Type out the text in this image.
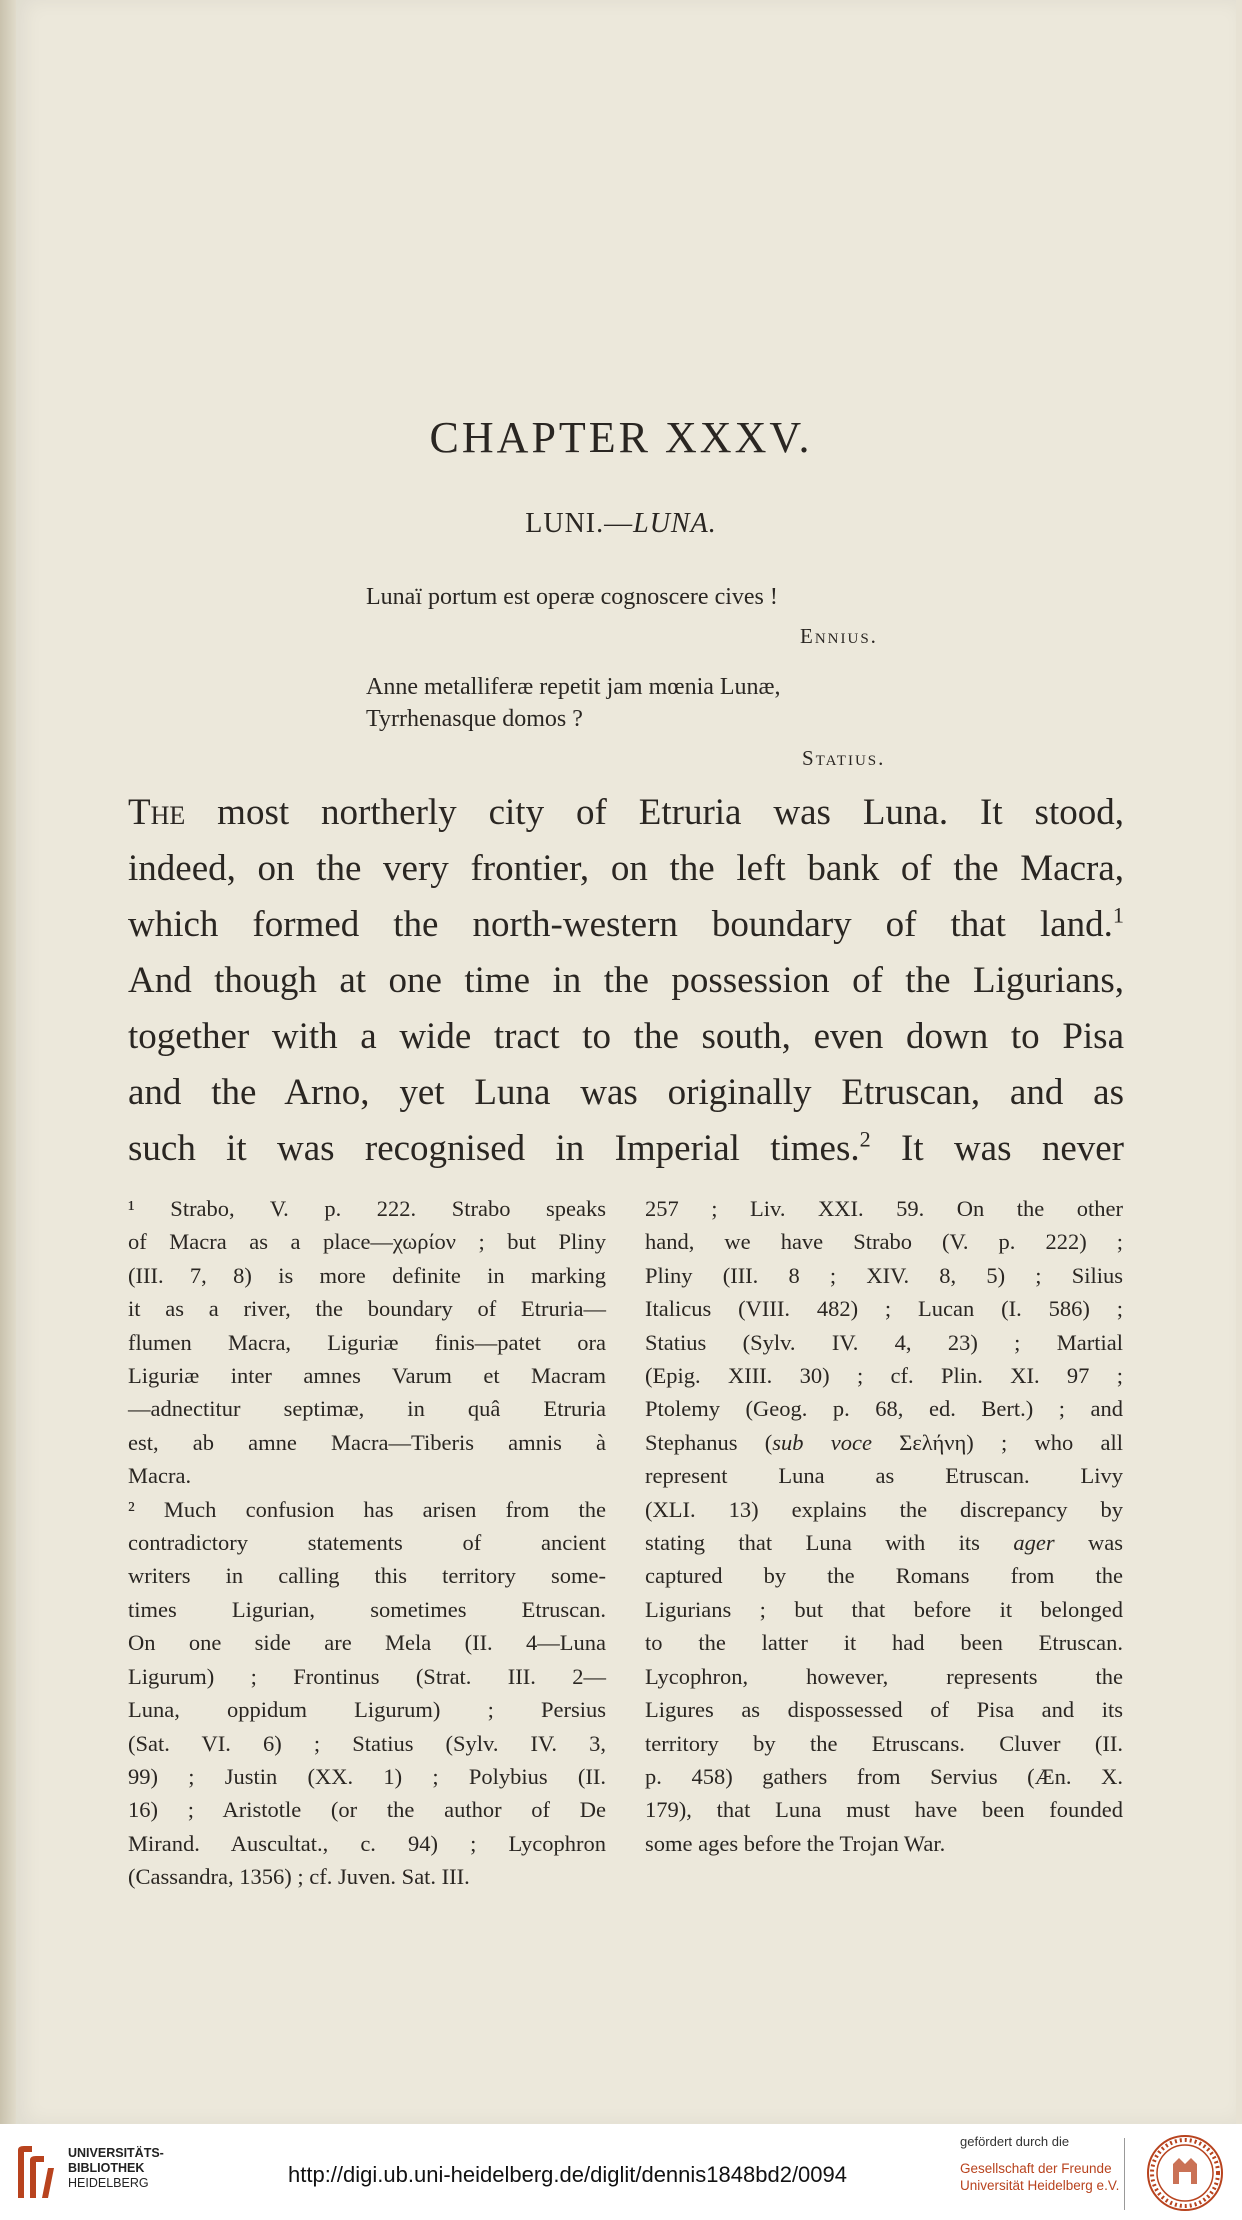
CHAPTER XXXV.
LUNI.—LUNA.
Lunaï portum est operæ cognoscere cives !
Ennius.
Anne metalliferæ repetit jam mœnia Lunæ,
Tyrrhenasque domos ?
Statius.
The most northerly city of Etruria was Luna. It stood,
indeed, on the very frontier, on the left bank of the Macra,
which formed the north-western boundary of that land.$^1$
And though at one time in the possession of the Ligurians,
together with a wide tract to the south, even down to Pisa
and the Arno, yet Luna was originally Etruscan, and as
such it was recognised in Imperial times.$^2$ It was never
¹ Strabo, V. p. 222. Strabo speaks
of Macra as a place—χωρίον ; but Pliny
(III. 7, 8) is more definite in marking
it as a river, the boundary of Etruria—
flumen Macra, Liguriæ finis—patet ora
Liguriæ inter amnes Varum et Macram
—adnectitur septimæ, in quâ Etruria
est, ab amne Macra—Tiberis amnis à
Macra.
² Much confusion has arisen from the
contradictory statements of ancient
writers in calling this territory some-
times Ligurian, sometimes Etruscan.
On one side are Mela (II. 4—Luna
Ligurum) ; Frontinus (Strat. III. 2—
Luna, oppidum Ligurum) ; Persius
(Sat. VI. 6) ; Statius (Sylv. IV. 3,
99) ; Justin (XX. 1) ; Polybius (II.
16) ; Aristotle (or the author of De
Mirand. Auscultat., c. 94) ; Lycophron
(Cassandra, 1356) ; cf. Juven. Sat. III.
257 ; Liv. XXI. 59. On the other
hand, we have Strabo (V. p. 222) ;
Pliny (III. 8 ; XIV. 8, 5) ; Silius
Italicus (VIII. 482) ; Lucan (I. 586) ;
Statius (Sylv. IV. 4, 23) ; Martial
(Epig. XIII. 30) ; cf. Plin. XI. 97 ;
Ptolemy (Geog. p. 68, ed. Bert.) ; and
Stephanus (sub voce Σελήνη) ; who all
represent Luna as Etruscan. Livy
(XLI. 13) explains the discrepancy by
stating that Luna with its ager was
captured by the Romans from the
Ligurians ; but that before it belonged
to the latter it had been Etruscan.
Lycophron, however, represents the
Ligures as dispossessed of Pisa and its
territory by the Etruscans. Cluver (II.
p. 458) gathers from Servius (Æn. X.
179), that Luna must have been founded
some ages before the Trojan War.
UNIVERSITÄTS-
BIBLIOTHEK
HEIDELBERG	http://digi.ub.uni-heidelberg.de/diglit/dennis1848bd2/0094
gefördert durch die
Gesellschaft der Freunde
Universität Heidelberg e.V.
